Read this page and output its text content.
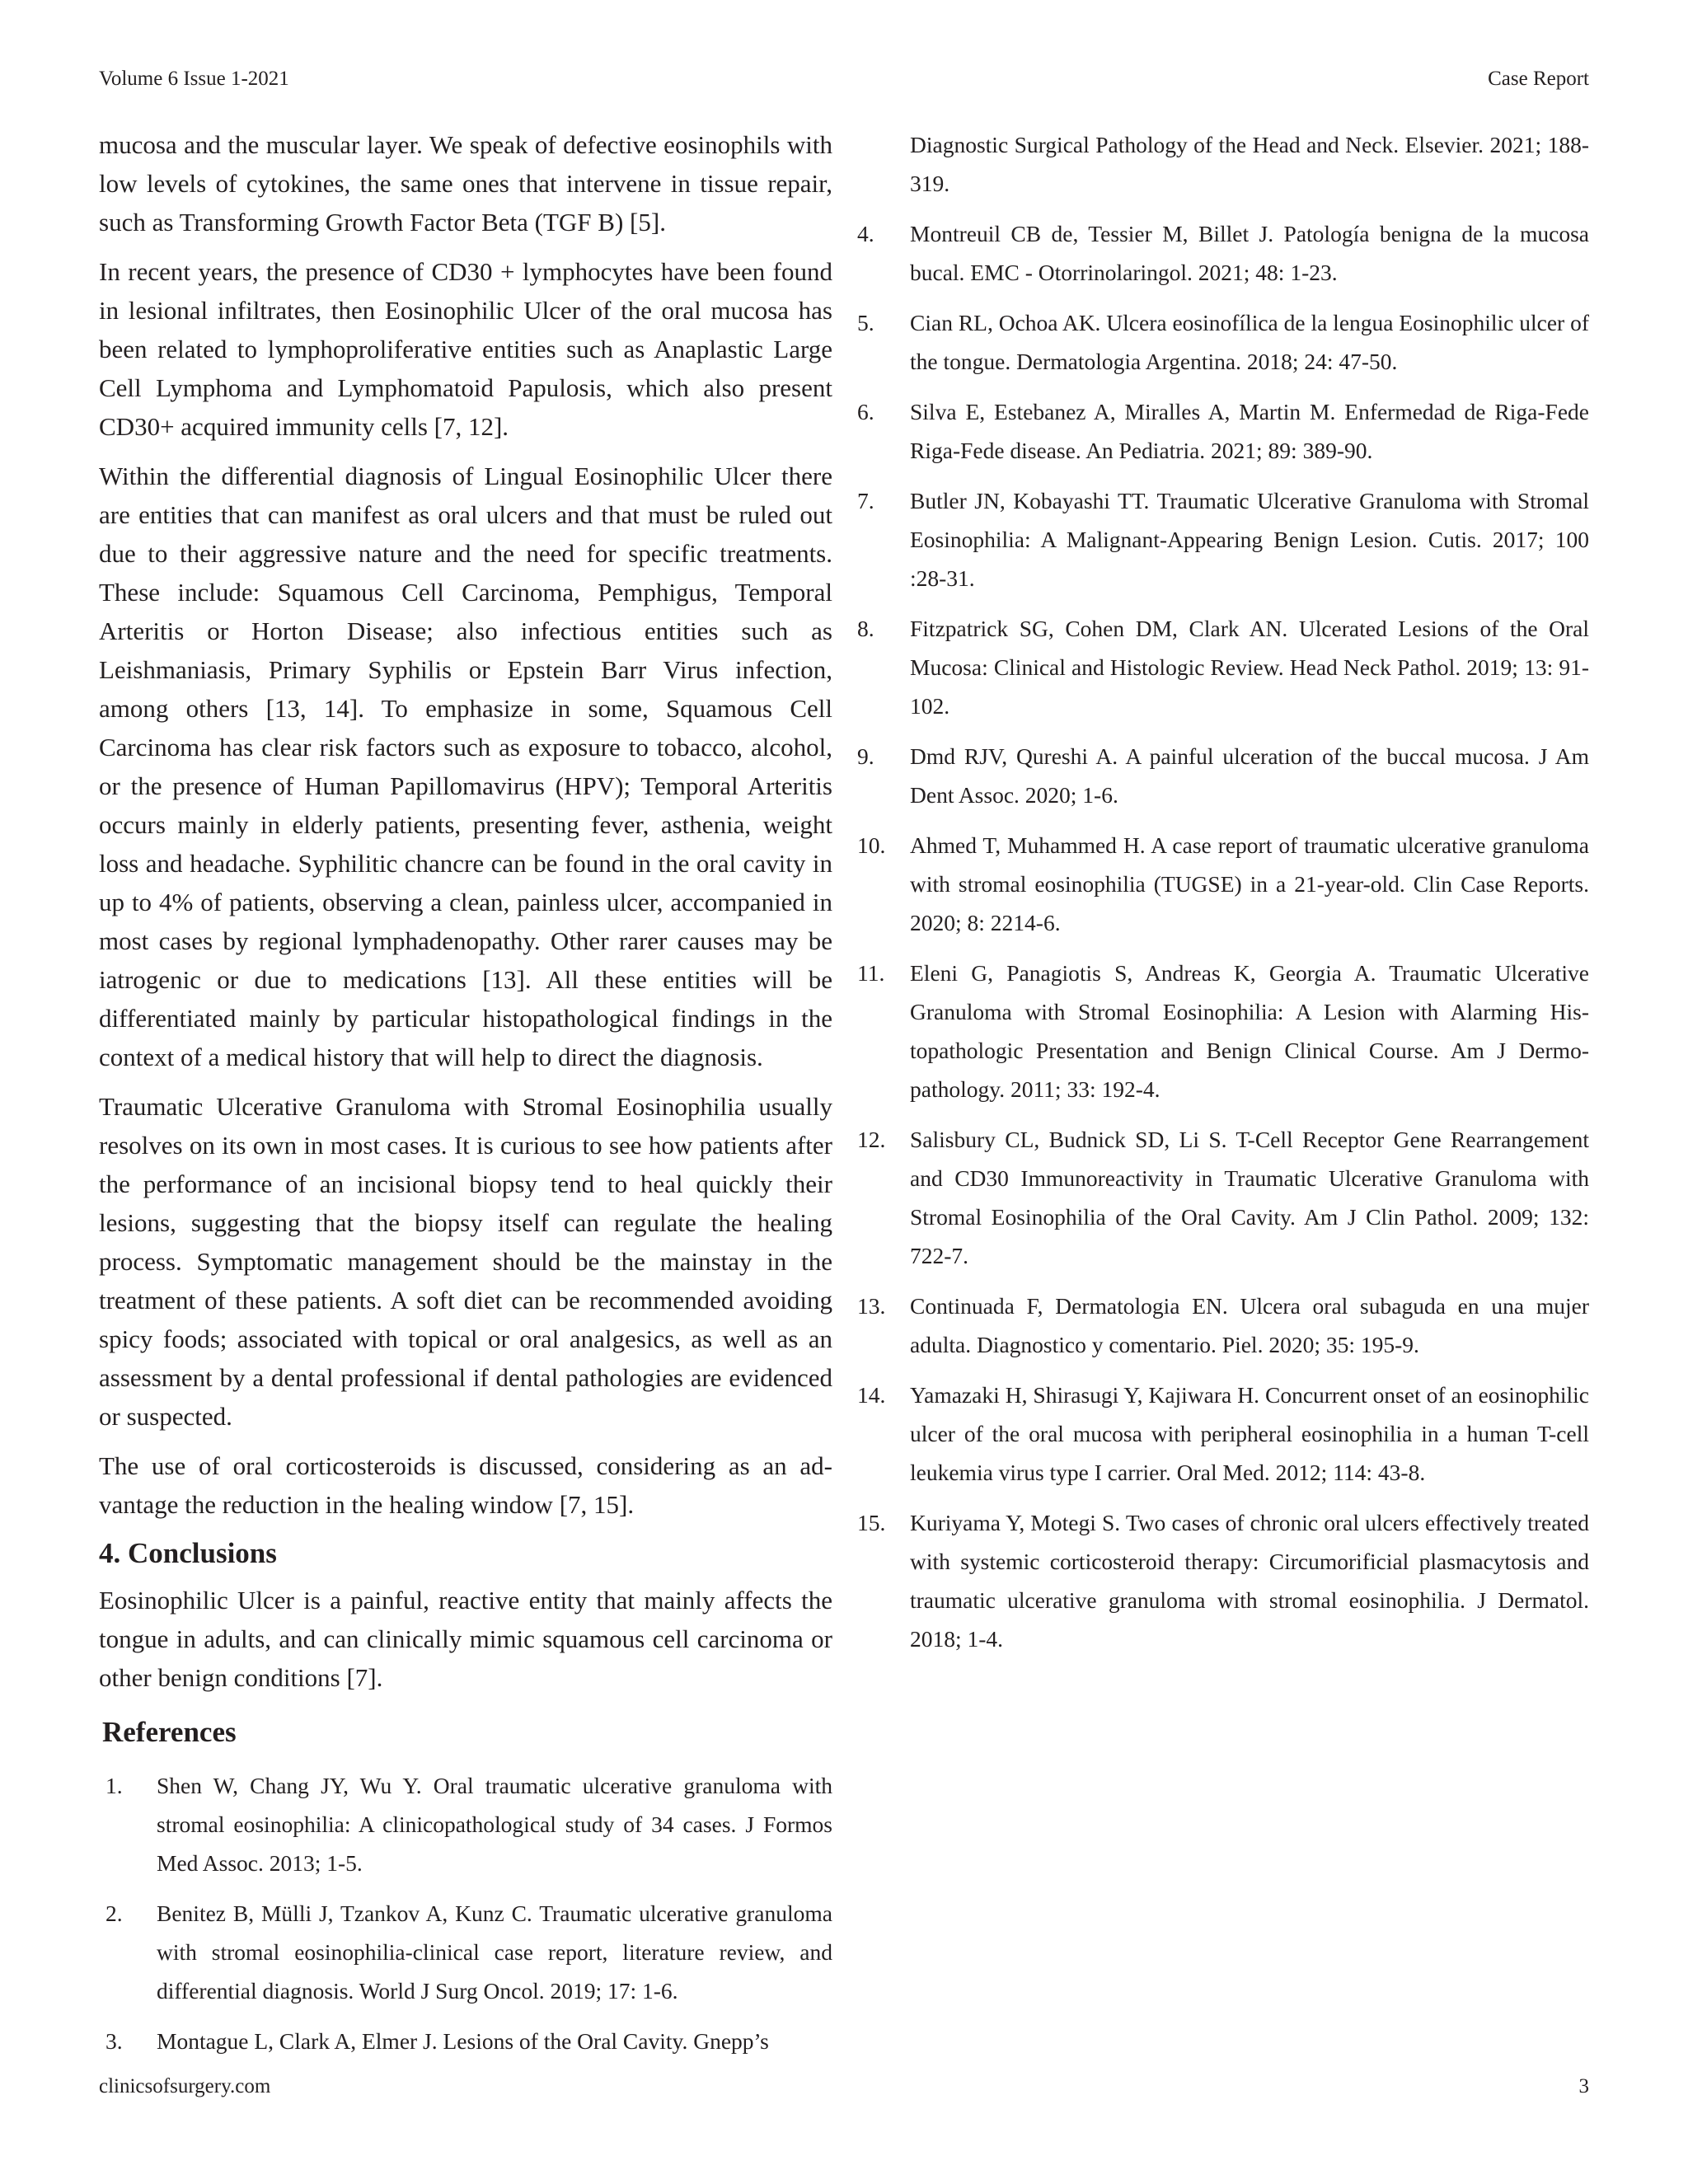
Volume 6 Issue 1-2021	Case Report

mucosa and the muscular layer. We speak of defective eosinophils with low levels of cytokines, the same ones that intervene in tissue repair, such as Transforming Growth Factor Beta (TGF B) [5].

In recent years, the presence of CD30 + lymphocytes have been found in lesional infiltrates, then Eosinophilic Ulcer of the oral mucosa has been related to lymphoproliferative entities such as Anaplastic Large Cell Lymphoma and Lymphomatoid Papulosis, which also present CD30+ acquired immunity cells [7, 12].

Within the differential diagnosis of Lingual Eosinophilic Ulcer there are entities that can manifest as oral ulcers and that must be ruled out due to their aggressive nature and the need for specific treatments. These include: Squamous Cell Carcinoma, Pemphigus, Temporal Arteritis or Horton Disease; also infectious entities such as Leishmaniasis, Primary Syphilis or Epstein Barr Virus infection, among others [13, 14]. To emphasize in some, Squamous Cell Carcinoma has clear risk factors such as exposure to tobacco, alcohol, or the presence of Human Papillomavirus (HPV); Temporal Arteritis occurs mainly in elderly patients, presenting fever, asthenia, weight loss and headache. Syphilitic chancre can be found in the oral cavity in up to 4% of patients, observing a clean, painless ulcer, accompanied in most cases by regional lymphadenopathy. Other rarer causes may be iatrogenic or due to medications [13]. All these entities will be differentiated mainly by particular histopathological findings in the context of a medical history that will help to direct the diagnosis.

Traumatic Ulcerative Granuloma with Stromal Eosinophilia usually resolves on its own in most cases. It is curious to see how patients after the performance of an incisional biopsy tend to heal quickly their lesions, suggesting that the biopsy itself can regulate the healing process. Symptomatic management should be the mainstay in the treatment of these patients. A soft diet can be recommended avoiding spicy foods; associated with topical or oral analgesics, as well as an assessment by a dental professional if dental pathologies are evidenced or suspected.

The use of oral corticosteroids is discussed, considering as an advantage the reduction in the healing window [7, 15].

4. Conclusions

Eosinophilic Ulcer is a painful, reactive entity that mainly affects the tongue in adults, and can clinically mimic squamous cell carcinoma or other benign conditions [7].

References
1. Shen W, Chang JY, Wu Y. Oral traumatic ulcerative granuloma with stromal eosinophilia: A clinicopathological study of 34 cases. J Formos Med Assoc. 2013; 1-5.
2. Benitez B, Mülli J, Tzankov A, Kunz C. Traumatic ulcerative granuloma with stromal eosinophilia-clinical case report, literature review, and differential diagnosis. World J Surg Oncol. 2019; 17: 1-6.
3. Montague L, Clark A, Elmer J. Lesions of the Oral Cavity. Gnepp’s
Diagnostic Surgical Pathology of the Head and Neck. Elsevier. 2021; 188-319.
4. Montreuil CB de, Tessier M, Billet J. Patología benigna de la mucosa bucal. EMC - Otorrinolaringol. 2021; 48: 1-23.
5. Cian RL, Ochoa AK. Ulcera eosinofílica de la lengua Eosinophilic ulcer of the tongue. Dermatologia Argentina. 2018; 24: 47-50.
6. Silva E, Estebanez A, Miralles A, Martin M. Enfermedad de Riga-Fede Riga-Fede disease. An Pediatria. 2021; 89: 389-90.
7. Butler JN, Kobayashi TT. Traumatic Ulcerative Granuloma with Stromal Eosinophilia: A Malignant-Appearing Benign Lesion. Cutis. 2017; 100 :28-31.
8. Fitzpatrick SG, Cohen DM, Clark AN. Ulcerated Lesions of the Oral Mucosa: Clinical and Histologic Review. Head Neck Pathol. 2019; 13: 91-102.
9. Dmd RJV, Qureshi A. A painful ulceration of the buccal mucosa. J Am Dent Assoc. 2020; 1-6.
10. Ahmed T, Muhammed H. A case report of traumatic ulcerative granuloma with stromal eosinophilia (TUGSE) in a 21-year-old. Clin Case Reports. 2020; 8: 2214-6.
11. Eleni G, Panagiotis S, Andreas K, Georgia A. Traumatic Ulcerative Granuloma with Stromal Eosinophilia: A Lesion with Alarming Histopathologic Presentation and Benign Clinical Course. Am J Dermopathology. 2011; 33: 192-4.
12. Salisbury CL, Budnick SD, Li S. T-Cell Receptor Gene Rearrangement and CD30 Immunoreactivity in Traumatic Ulcerative Granuloma with Stromal Eosinophilia of the Oral Cavity. Am J Clin Pathol. 2009; 132: 722-7.
13. Continuada F, Dermatologia EN. Ulcera oral subaguda en una mujer adulta. Diagnostico y comentario. Piel. 2020; 35: 195-9.
14. Yamazaki H, Shirasugi Y, Kajiwara H. Concurrent onset of an eosinophilic ulcer of the oral mucosa with peripheral eosinophilia in a human T-cell leukemia virus type I carrier. Oral Med. 2012; 114: 43-8.
15. Kuriyama Y, Motegi S. Two cases of chronic oral ulcers effectively treated with systemic corticosteroid therapy: Circumorificial plasmacytosis and traumatic ulcerative granuloma with stromal eosinophilia. J Dermatol. 2018; 1-4.
clinicsofsurgery.com	3
